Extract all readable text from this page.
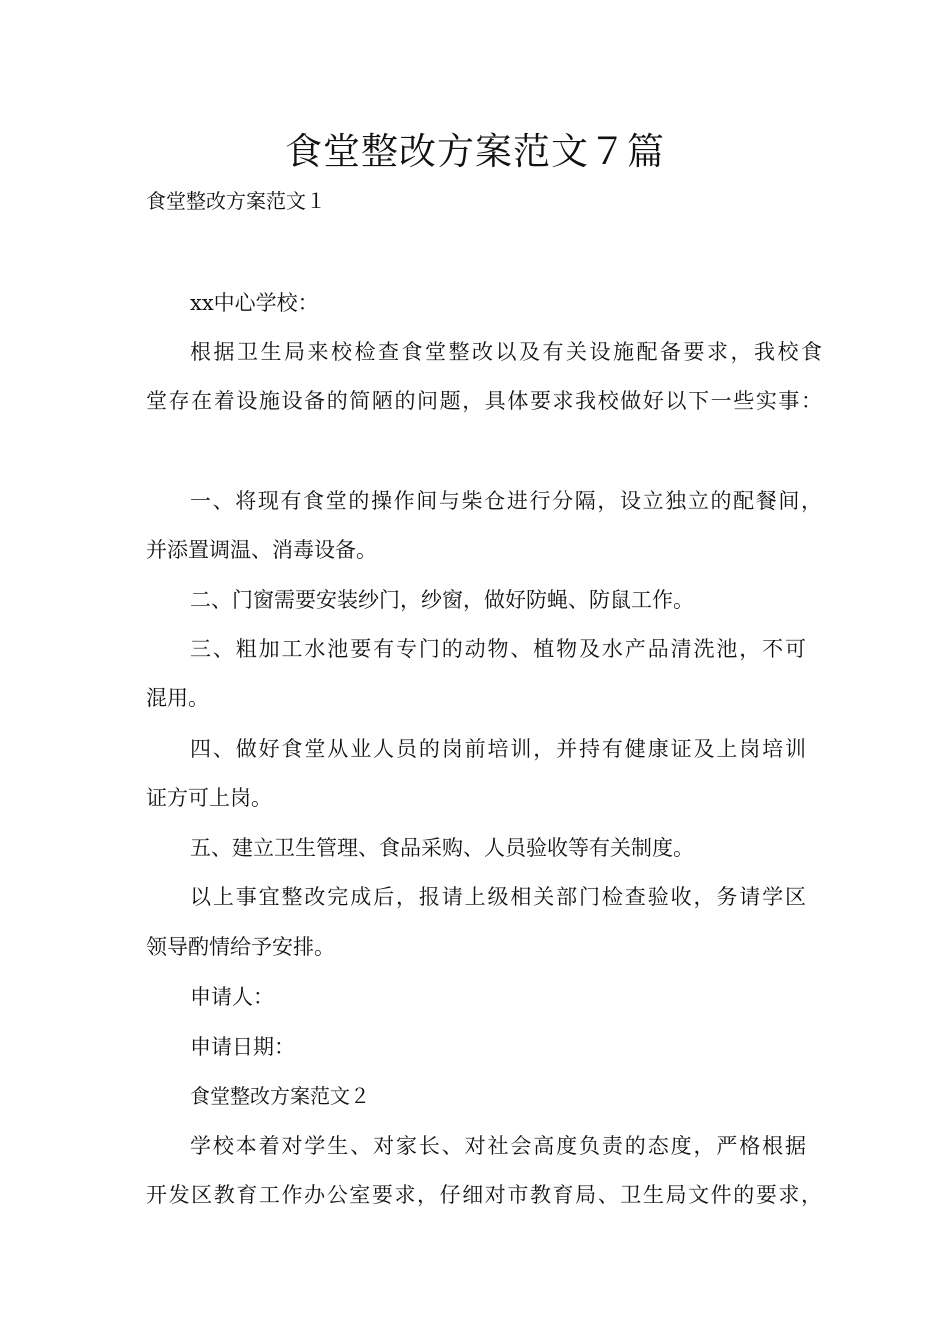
食堂整改方案范文７篇

食堂整改方案范文１

xx中心学校：

根据卫生局来校检查食堂整改以及有关设施配备要求，我校食

堂存在着设施设备的简陋的问题，具体要求我校做好以下一些实事：

一、将现有食堂的操作间与柴仓进行分隔，设立独立的配餐间，

并添置调温、消毒设备。

二、门窗需要安装纱门，纱窗，做好防蝇、防鼠工作。

三、粗加工水池要有专门的动物、植物及水产品清洗池，不可

混用。

四、做好食堂从业人员的岗前培训，并持有健康证及上岗培训

证方可上岗。

五、建立卫生管理、食品采购、人员验收等有关制度。

以上事宜整改完成后，报请上级相关部门检查验收，务请学区

领导酌情给予安排。

申请人：

申请日期：

食堂整改方案范文２

学校本着对学生、对家长、对社会高度负责的态度，严格根据

开发区教育工作办公室要求，仔细对市教育局、卫生局文件的要求，
